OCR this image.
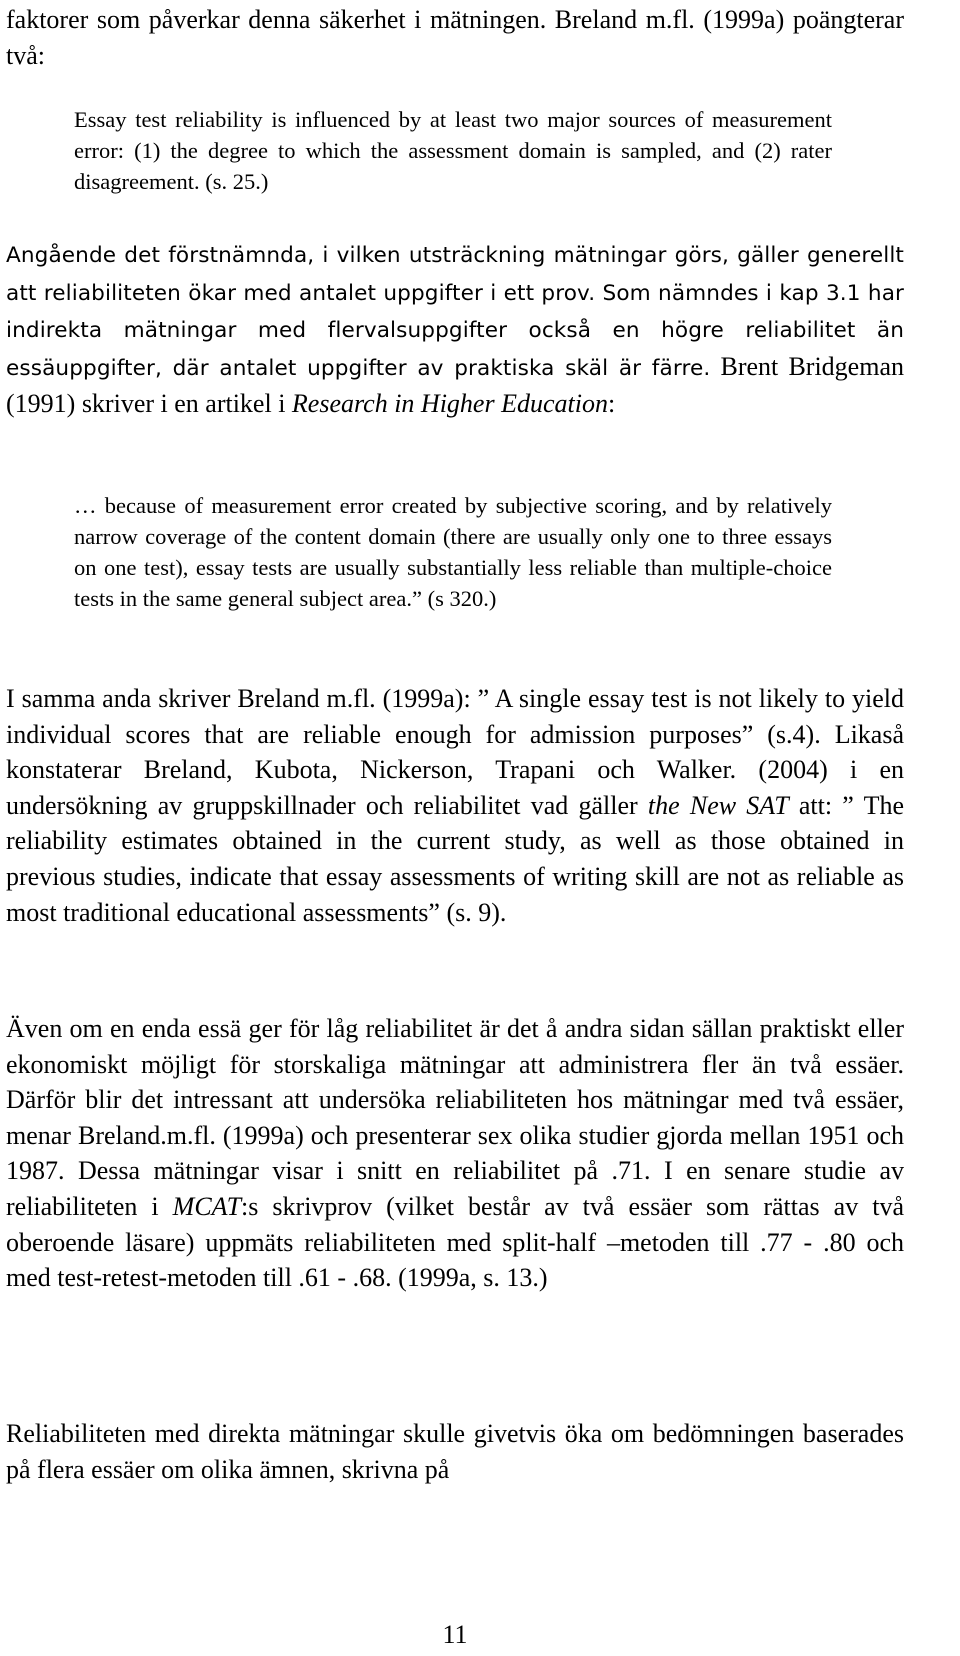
faktorer som påverkar denna säkerhet i mätningen. Breland m.fl. (1999a) poängterar två:

Essay test reliability is influenced by at least two major sources of measurement error: (1) the degree to which the assessment domain is sampled, and (2) rater disagreement. (s. 25.)

Angående det förstnämnda, i vilken utsträckning mätningar görs, gäller generellt att reliabiliteten ökar med antalet uppgifter i ett prov. Som nämndes i kap 3.1 har indirekta mätningar med flervalsuppgifter också en högre reliabilitet än essäuppgifter, där antalet uppgifter av praktiska skäl är färre. Brent Bridgeman (1991) skriver i en artikel i Research in Higher Education:

… because of measurement error created by subjective scoring, and by relatively narrow coverage of the content domain (there are usually only one to three essays on one test), essay tests are usually substantially less reliable than multiple-choice tests in the same general subject area.” (s 320.)

I samma anda skriver Breland m.fl. (1999a): ” A single essay test is not likely to yield individual scores that are reliable enough for admission purposes” (s.4). Likaså konstaterar Breland, Kubota, Nickerson, Trapani och Walker. (2004) i en undersökning av gruppskillnader och reliabilitet vad gäller the New SAT att: ” The reliability estimates obtained in the current study, as well as those obtained in previous studies, indicate that essay assessments of writing skill are not as reliable as most traditional educational assessments” (s. 9).

Även om en enda essä ger för låg reliabilitet är det å andra sidan sällan praktiskt eller ekonomiskt möjligt för storskaliga mätningar att administrera fler än två essäer. Därför blir det intressant att undersöka reliabiliteten hos mätningar med två essäer, menar Breland.m.fl. (1999a) och presenterar sex olika studier gjorda mellan 1951 och 1987. Dessa mätningar visar i snitt en reliabilitet på .71. I en senare studie av reliabiliteten i MCAT:s skrivprov (vilket består av två essäer som rättas av två oberoende läsare) uppmäts reliabiliteten med split-half –metoden till .77 - .80 och med test-retest-metoden till .61 - .68. (1999a, s. 13.)

Reliabiliteten med direkta mätningar skulle givetvis öka om bedömningen baserades på flera essäer om olika ämnen, skrivna på

11
